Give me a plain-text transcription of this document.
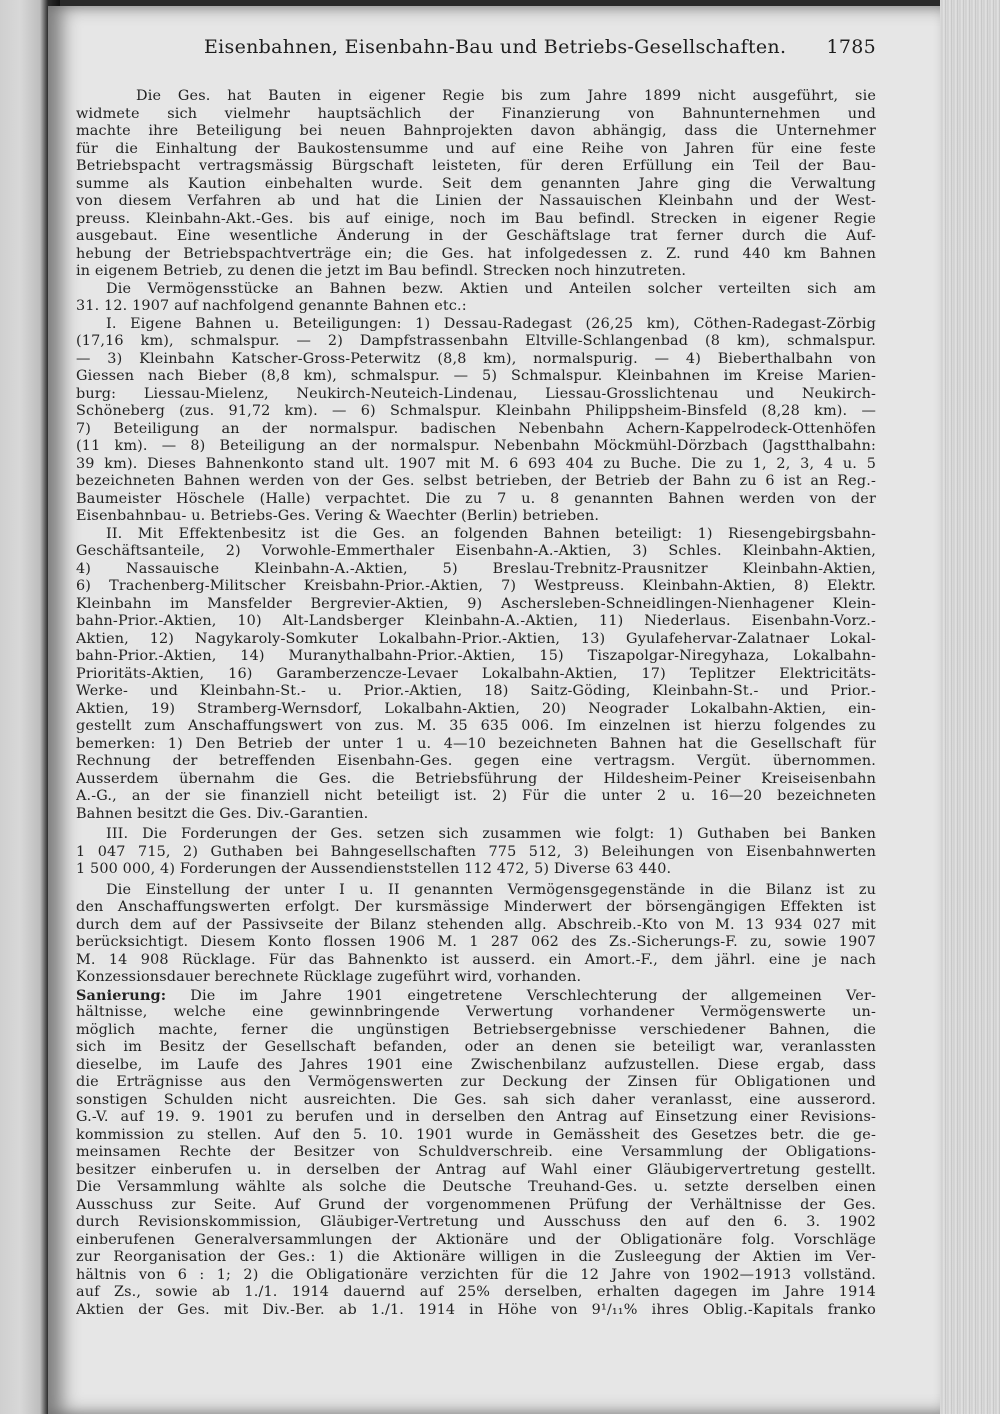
Eisenbahnen, Eisenbahn-Bau und Betriebs-Gesellschaften. 1785
Die Ges. hat Bauten in eigener Regie bis zum Jahre 1899 nicht ausgeführt, sie
widmete sich vielmehr hauptsächlich der Finanzierung von Bahnunternehmen und
machte ihre Beteiligung bei neuen Bahnprojekten davon abhängig, dass die Unternehmer
für die Einhaltung der Baukostensumme und auf eine Reihe von Jahren für eine feste
Betriebspacht vertragsmässig Bürgschaft leisteten, für deren Erfüllung ein Teil der Bau-
summe als Kaution einbehalten wurde. Seit dem genannten Jahre ging die Verwaltung
von diesem Verfahren ab und hat die Linien der Nassauischen Kleinbahn und der West-
preuss. Kleinbahn-Akt.-Ges. bis auf einige, noch im Bau befindl. Strecken in eigener Regie
ausgebaut. Eine wesentliche Änderung in der Geschäftslage trat ferner durch die Auf-
hebung der Betriebspachtverträge ein; die Ges. hat infolgedessen z. Z. rund 440 km Bahnen
in eigenem Betrieb, zu denen die jetzt im Bau befindl. Strecken noch hinzutreten.
Die Vermögensstücke an Bahnen bezw. Aktien und Anteilen solcher verteilten sich am
31. 12. 1907 auf nachfolgend genannte Bahnen etc.:
I. Eigene Bahnen u. Beteiligungen: 1) Dessau-Radegast (26,25 km), Cöthen-Radegast-Zörbig
(17,16 km), schmalspur. — 2) Dampfstrassenbahn Eltville-Schlangenbad (8 km), schmalspur.
— 3) Kleinbahn Katscher-Gross-Peterwitz (8,8 km), normalspurig. — 4) Bieberthalbahn von
Giessen nach Bieber (8,8 km), schmalspur. — 5) Schmalspur. Kleinbahnen im Kreise Marien-
burg: Liessau-Mielenz, Neukirch-Neuteich-Lindenau, Liessau-Grosslichtenau und Neukirch-
Schöneberg (zus. 91,72 km). — 6) Schmalspur. Kleinbahn Philippsheim-Binsfeld (8,28 km). —
7) Beteiligung an der normalspur. badischen Nebenbahn Achern-Kappelrodeck-Ottenhöfen
(11 km). — 8) Beteiligung an der normalspur. Nebenbahn Möckmühl-Dörzbach (Jagstthalbahn:
39 km). Dieses Bahnenkonto stand ult. 1907 mit M. 6 693 404 zu Buche. Die zu 1, 2, 3, 4 u. 5
bezeichneten Bahnen werden von der Ges. selbst betrieben, der Betrieb der Bahn zu 6 ist an Reg.-
Baumeister Höschele (Halle) verpachtet. Die zu 7 u. 8 genannten Bahnen werden von der
Eisenbahnbau- u. Betriebs-Ges. Vering & Waechter (Berlin) betrieben.
II. Mit Effektenbesitz ist die Ges. an folgenden Bahnen beteiligt: 1) Riesengebirgsbahn-
Geschäftsanteile, 2) Vorwohle-Emmerthaler Eisenbahn-A.-Aktien, 3) Schles. Kleinbahn-Aktien,
4) Nassauische Kleinbahn-A.-Aktien, 5) Breslau-Trebnitz-Prausnitzer Kleinbahn-Aktien,
6) Trachenberg-Militscher Kreisbahn-Prior.-Aktien, 7) Westpreuss. Kleinbahn-Aktien, 8) Elektr.
Kleinbahn im Mansfelder Bergrevier-Aktien, 9) Aschersleben-Schneidlingen-Nienhagener Klein-
bahn-Prior.-Aktien, 10) Alt-Landsberger Kleinbahn-A.-Aktien, 11) Niederlaus. Eisenbahn-Vorz.-
Aktien, 12) Nagykaroly-Somkuter Lokalbahn-Prior.-Aktien, 13) Gyulafehervar-Zalatnaer Lokal-
bahn-Prior.-Aktien, 14) Muranythalbahn-Prior.-Aktien, 15) Tiszapolgar-Niregyhaza, Lokalbahn-
Prioritäts-Aktien, 16) Garamberzencze-Levaer Lokalbahn-Aktien, 17) Teplitzer Elektricitäts-
Werke- und Kleinbahn-St.- u. Prior.-Aktien, 18) Saitz-Göding, Kleinbahn-St.- und Prior.-
Aktien, 19) Stramberg-Wernsdorf, Lokalbahn-Aktien, 20) Neograder Lokalbahn-Aktien, ein-
gestellt zum Anschaffungswert von zus. M. 35 635 006. Im einzelnen ist hierzu folgendes zu
bemerken: 1) Den Betrieb der unter 1 u. 4—10 bezeichneten Bahnen hat die Gesellschaft für
Rechnung der betreffenden Eisenbahn-Ges. gegen eine vertragsm. Vergüt. übernommen.
Ausserdem übernahm die Ges. die Betriebsführung der Hildesheim-Peiner Kreiseisenbahn
A.-G., an der sie finanziell nicht beteiligt ist. 2) Für die unter 2 u. 16—20 bezeichneten
Bahnen besitzt die Ges. Div.-Garantien.
III. Die Forderungen der Ges. setzen sich zusammen wie folgt: 1) Guthaben bei Banken
1 047 715, 2) Guthaben bei Bahngesellschaften 775 512, 3) Beleihungen von Eisenbahnwerten
1 500 000, 4) Forderungen der Aussendienststellen 112 472, 5) Diverse 63 440.
Die Einstellung der unter I u. II genannten Vermögensgegenstände in die Bilanz ist zu
den Anschaffungswerten erfolgt. Der kursmässige Minderwert der börsengängigen Effekten ist
durch dem auf der Passivseite der Bilanz stehenden allg. Abschreib.-Kto von M. 13 934 027 mit
berücksichtigt. Diesem Konto flossen 1906 M. 1 287 062 des Zs.-Sicherungs-F. zu, sowie 1907
M. 14 908 Rücklage. Für das Bahnenkto ist ausserd. ein Amort.-F., dem jährl. eine je nach
Konzessionsdauer berechnete Rücklage zugeführt wird, vorhanden.
Sanierung: Die im Jahre 1901 eingetretene Verschlechterung der allgemeinen Ver-
hältnisse, welche eine gewinnbringende Verwertung vorhandener Vermögenswerte un-
möglich machte, ferner die ungünstigen Betriebsergebnisse verschiedener Bahnen, die
sich im Besitz der Gesellschaft befanden, oder an denen sie beteiligt war, veranlassten
dieselbe, im Laufe des Jahres 1901 eine Zwischenbilanz aufzustellen. Diese ergab, dass
die Erträgnisse aus den Vermögenswerten zur Deckung der Zinsen für Obligationen und
sonstigen Schulden nicht ausreichten. Die Ges. sah sich daher veranlasst, eine ausserord.
G.-V. auf 19. 9. 1901 zu berufen und in derselben den Antrag auf Einsetzung einer Revisions-
kommission zu stellen. Auf den 5. 10. 1901 wurde in Gemässheit des Gesetzes betr. die ge-
meinsamen Rechte der Besitzer von Schuldverschreib. eine Versammlung der Obligations-
besitzer einberufen u. in derselben der Antrag auf Wahl einer Gläubigervertretung gestellt.
Die Versammlung wählte als solche die Deutsche Treuhand-Ges. u. setzte derselben einen
Ausschuss zur Seite. Auf Grund der vorgenommenen Prüfung der Verhältnisse der Ges.
durch Revisionskommission, Gläubiger-Vertretung und Ausschuss den auf den 6. 3. 1902
einberufenen Generalversammlungen der Aktionäre und der Obligationäre folg. Vorschläge
zur Reorganisation der Ges.: 1) die Aktionäre willigen in die Zusleegung der Aktien im Ver-
hältnis von 6 : 1; 2) die Obligationäre verzichten für die 12 Jahre von 1902—1913 vollständ.
auf Zs., sowie ab 1./1. 1914 dauernd auf 25% derselben, erhalten dagegen im Jahre 1914
Aktien der Ges. mit Div.-Ber. ab 1./1. 1914 in Höhe von 9¹/₁₁% ihres Oblig.-Kapitals franko
